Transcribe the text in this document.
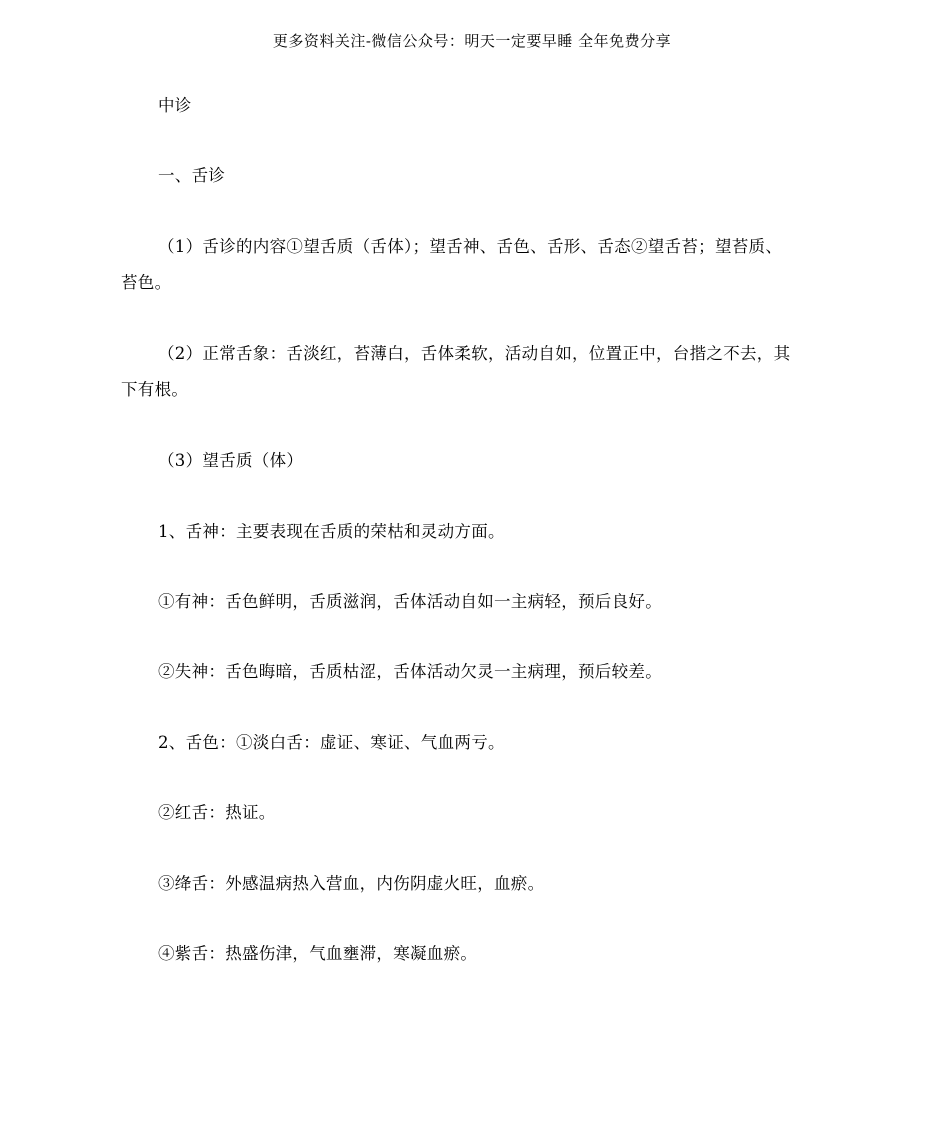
更多资料关注-微信公众号：明天一定要早睡 全年免费分享
中诊
一、舌诊
（1）舌诊的内容①望舌质（舌体）；望舌神、舌色、舌形、舌态②望舌苔；望苔质、
苔色。
（2）正常舌象：舌淡红，苔薄白，舌体柔软，活动自如，位置正中，台揩之不去，其
下有根。
（3）望舌质（体）
1、舌神：主要表现在舌质的荣枯和灵动方面。
①有神：舌色鲜明，舌质滋润，舌体活动自如一主病轻，预后良好。
②失神：舌色晦暗，舌质枯涩，舌体活动欠灵一主病理，预后较差。
2、舌色：①淡白舌：虚证、寒证、气血两亏。
②红舌：热证。
③绛舌：外感温病热入营血，内伤阴虚火旺，血瘀。
④紫舌：热盛伤津，气血壅滞，寒凝血瘀。
